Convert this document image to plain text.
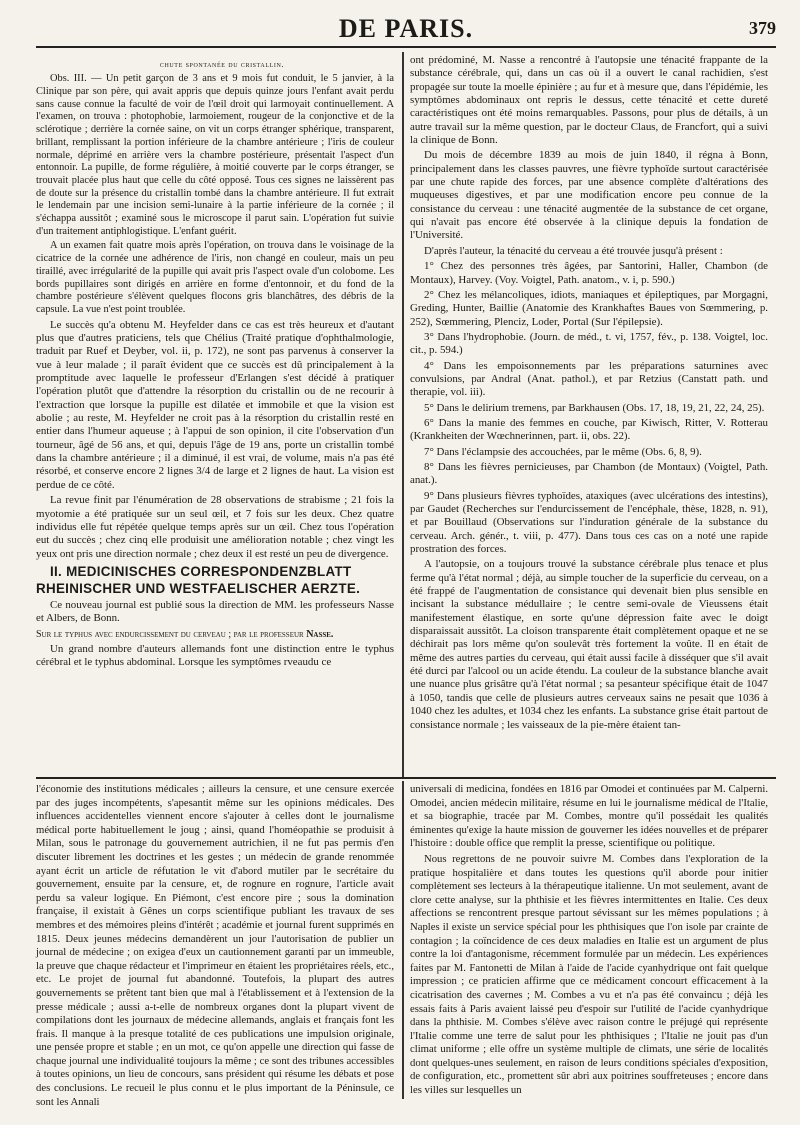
DE PARIS.	379

chute spontanée du cristallin.

Obs. III. — Un petit garçon de 3 ans et 9 mois fut conduit, le 5 janvier, à la Clinique par son père, qui avait appris que depuis quinze jours l'enfant avait perdu sans cause connue la faculté de voir de l'œil droit qui larmoyait continuellement. A l'examen, on trouva : photophobie, larmoiement, rougeur de la conjonctive et de la sclérotique ; derrière la cornée saine, on vit un corps étranger sphérique, transparent, brillant, remplissant la portion inférieure de la chambre antérieure ; l'iris de couleur normale, déprimé en arrière vers la chambre postérieure, présentait l'aspect d'un entonnoir. La pupille, de forme régulière, à moitié couverte par le corps étranger, se trouvait placée plus haut que celle du côté opposé. Tous ces signes ne laissèrent pas de doute sur la présence du cristallin tombé dans la chambre antérieure. Il fut extrait le lendemain par une incision semi-lunaire à la partie inférieure de la cornée ; il s'échappa aussitôt ; examiné sous le microscope il parut sain. L'opération fut suivie d'un traitement antiphlogistique. L'enfant guérit.

A un examen fait quatre mois après l'opération, on trouva dans le voisinage de la cicatrice de la cornée une adhérence de l'iris, non changé en couleur, mais un peu tiraillé, avec irrégularité de la pupille qui avait pris l'aspect ovale d'un colobome. Les bords pupillaires sont dirigés en arrière en forme d'entonnoir, et du fond de la chambre postérieure s'élèvent quelques flocons gris blanchâtres, des débris de la capsule. La vue n'est point troublée.

Le succès qu'a obtenu M. Heyfelder dans ce cas est très heureux et d'autant plus que d'autres praticiens, tels que Chélius (Traité pratique d'ophthalmologie, traduit par Ruef et Deyber, vol. ii, p. 172), ne sont pas parvenus à conserver la vue à leur malade ; il paraît évident que ce succès est dû principalement à la promptitude avec laquelle le professeur d'Erlangen s'est décidé à pratiquer l'opération plutôt que d'attendre la résorption du cristallin ou de ne recourir à l'extraction que lorsque la pupille est dilatée et immobile et que la vision est abolie ; au reste, M. Heyfelder ne croit pas à la résorption du cristallin resté en entier dans l'humeur aqueuse ; à l'appui de son opinion, il cite l'observation d'un tourneur, âgé de 56 ans, et qui, depuis l'âge de 19 ans, porte un cristallin tombé dans la chambre antérieure ; il a diminué, il est vrai, de volume, mais n'a pas été résorbé, et conserve encore 2 lignes 3/4 de large et 2 lignes de haut. La vision est perdue de ce côté.

La revue finit par l'énumération de 28 observations de strabisme ; 21 fois la myotomie a été pratiquée sur un seul œil, et 7 fois sur les deux. Chez quatre individus elle fut répétée quelque temps après sur un œil. Chez tous l'opération eut du succès ; chez cinq elle produisit une amélioration notable ; chez vingt les yeux ont pris une direction normale ; chez deux il est resté un peu de divergence.

II. MEDICINISCHES CORRESPONDENZBLATT RHEINISCHER UND WESTFAELISCHER AERZTE.

Ce nouveau journal est publié sous la direction de MM. les professeurs Nasse et Albers, de Bonn.

Sur le typhus avec endurcissement du cerveau ; par le professeur Nasse.

Un grand nombre d'auteurs allemands font une distinction entre le typhus cérébral et le typhus abdominal. Lorsque les symptômes rveaudu ce

ont prédominé, M. Nasse a rencontré à l'autopsie une ténacité frappante de la substance cérébrale, qui, dans un cas où il a ouvert le canal rachidien, s'est propagée sur toute la moelle épinière ; au fur et à mesure que, dans l'épidémie, les symptômes abdominaux ont repris le dessus, cette ténacité et cette dureté caractéristiques ont été moins remarquables. Passons, pour plus de détails, à un autre travail sur la même question, par le docteur Claus, de Francfort, qui a suivi la clinique de Bonn.

Du mois de décembre 1839 au mois de juin 1840, il régna à Bonn, principalement dans les classes pauvres, une fièvre typhoïde surtout caractérisée par une chute rapide des forces, par une absence complète d'altérations des muqueuses digestives, et par une modification encore peu connue de la consistance du cerveau : une ténacité augmentée de la substance de cet organe, qui n'avait pas encore été observée à la clinique depuis la fondation de l'Université.

D'après l'auteur, la ténacité du cerveau a été trouvée jusqu'à présent :

1° Chez des personnes très âgées, par Santorini, Haller, Chambon (de Montaux), Harvey. (Voy. Voigtel, Path. anatom., v. i, p. 590.)

2° Chez les mélancoliques, idiots, maniaques et épileptiques, par Morgagni, Greding, Hunter, Baillie (Anatomie des Krankhaftes Baues von Sœmmering, p. 252), Sœmmering, Plenciz, Loder, Portal (Sur l'épilepsie).

3° Dans l'hydrophobie. (Journ. de méd., t. vi, 1757, fév., p. 138. Voigtel, loc. cit., p. 594.)

4° Dans les empoisonnements par les préparations saturnines avec convulsions, par Andral (Anat. pathol.), et par Retzius (Canstatt path. und therapie, vol. iii).

5° Dans le delirium tremens, par Barkhausen (Obs. 17, 18, 19, 21, 22, 24, 25).

6° Dans la manie des femmes en couche, par Kiwisch, Ritter, V. Rotterau (Krankheiten der Wœchnerinnen, part. ii, obs. 22).

7° Dans l'éclampsie des accouchées, par le même (Obs. 6, 8, 9).

8° Dans les fièvres pernicieuses, par Chambon (de Montaux) (Voigtel, Path. anat.).

9° Dans plusieurs fièvres typhoïdes, ataxiques (avec ulcérations des intestins), par Gaudet (Recherches sur l'endurcissement de l'encéphale, thèse, 1828, n. 91), et par Bouillaud (Observations sur l'induration générale de la substance du cerveau. Arch. génér., t. viii, p. 477). Dans tous ces cas on a noté une rapide prostration des forces.

A l'autopsie, on a toujours trouvé la substance cérébrale plus tenace et plus ferme qu'à l'état normal ; déjà, au simple toucher de la superficie du cerveau, on a été frappé de l'augmentation de consistance qui devenait bien plus sensible en incisant la substance médullaire ; le centre semi-ovale de Vieussens était manifestement élastique, en sorte qu'une dépression faite avec le doigt disparaissait aussitôt. La cloison transparente était complètement opaque et ne se déchirait pas lors même qu'on soulevât très fortement la voûte. Il en était de même des autres parties du cerveau, qui était aussi facile à disséquer que s'il avait été durci par l'alcool ou un acide étendu. La couleur de la substance blanche avait une nuance plus grisâtre qu'à l'état normal ; sa pesanteur spécifique était de 1047 à 1050, tandis que celle de plusieurs autres cerveaux sains ne pesait que 1036 à 1040 chez les adultes, et 1034 chez les enfants. La substance grise était partout de consistance normale ; les vaisseaux de la pie-mère étaient tan-

l'économie des institutions médicales ; ailleurs la censure, et une censure exercée par des juges incompétents, s'apesantit même sur les opinions médicales. Des influences accidentelles viennent encore s'ajouter à celles dont le journalisme médical porte habituellement le joug ; ainsi, quand l'homéopathie se produisit à Milan, sous le patronage du gouvernement autrichien, il ne fut pas permis d'en discuter librement les doctrines et les gestes ; un médecin de grande renommée ayant écrit un article de réfutation le vit d'abord mutiler par le secrétaire du gouvernement, ensuite par la censure, et, de rognure en rognure, l'article avait perdu sa valeur logique. En Piémont, c'est encore pire ; sous la domination française, il existait à Gênes un corps scientifique publiant les travaux de ses membres et des mémoires pleins d'intérêt ; académie et journal furent supprimés en 1815. Deux jeunes médecins demandèrent un jour l'autorisation de publier un journal de médecine ; on exigea d'eux un cautionnement garanti par un immeuble, la preuve que chaque rédacteur et l'imprimeur en étaient les propriétaires réels, etc., etc. Le projet de journal fut abandonné. Toutefois, la plupart des autres gouvernements se prêtent tant bien que mal à l'établissement et à l'extension de la presse médicale ; aussi a-t-elle de nombreux organes dont la plupart vivent de compilations dont les journaux de médecine allemands, anglais et français font les frais. Il manque à la presque totalité de ces publications une impulsion originale, une pensée propre et stable ; en un mot, ce qu'on appelle une direction qui fasse de chaque journal une individualité toujours la même ; ce sont des tribunes accessibles à toutes opinions, un lieu de concours, sans président qui résume les débats et pose des conclusions. Le recueil le plus connu et le plus important de la Péninsule, ce sont les Annali

universali di medicina, fondées en 1816 par Omodei et continuées par M. Calperni. Omodei, ancien médecin militaire, résume en lui le journalisme médical de l'Italie, et sa biographie, tracée par M. Combes, montre qu'il possédait les qualités éminentes qu'exige la haute mission de gouverner les idées nouvelles et de préparer l'histoire : double office que remplit la presse, scientifique ou politique.

Nous regrettons de ne pouvoir suivre M. Combes dans l'exploration de la pratique hospitalière et dans toutes les questions qu'il aborde pour initier complètement ses lecteurs à la thérapeutique italienne. Un mot seulement, avant de clore cette analyse, sur la phthisie et les fièvres intermittentes en Italie. Ces deux affections se rencontrent presque partout sévissant sur les mêmes populations ; à Naples il existe un service spécial pour les phthisiques que l'on isole par crainte de contagion ; la coïncidence de ces deux maladies en Italie est un argument de plus contre la loi d'antagonisme, récemment formulée par un médecin. Les expériences faites par M. Fantonetti de Milan à l'aide de l'acide cyanhydrique ont fait quelque impression ; ce praticien affirme que ce médicament concourt efficacement à la cicatrisation des cavernes ; M. Combes a vu et n'a pas été convaincu ; déjà les essais faits à Paris avaient laissé peu d'espoir sur l'utilité de l'acide cyanhydrique dans la phthisie. M. Combes s'élève avec raison contre le préjugé qui représente l'Italie comme une terre de salut pour les phthisiques ; l'Italie ne jouit pas d'un climat uniforme ; elle offre un système multiple de climats, une série de localités dont quelques-unes seulement, en raison de leurs conditions spéciales d'exposition, de configuration, etc., promettent sûr abri aux poitrines souffreteuses ; encore dans les villes sur lesquelles un
